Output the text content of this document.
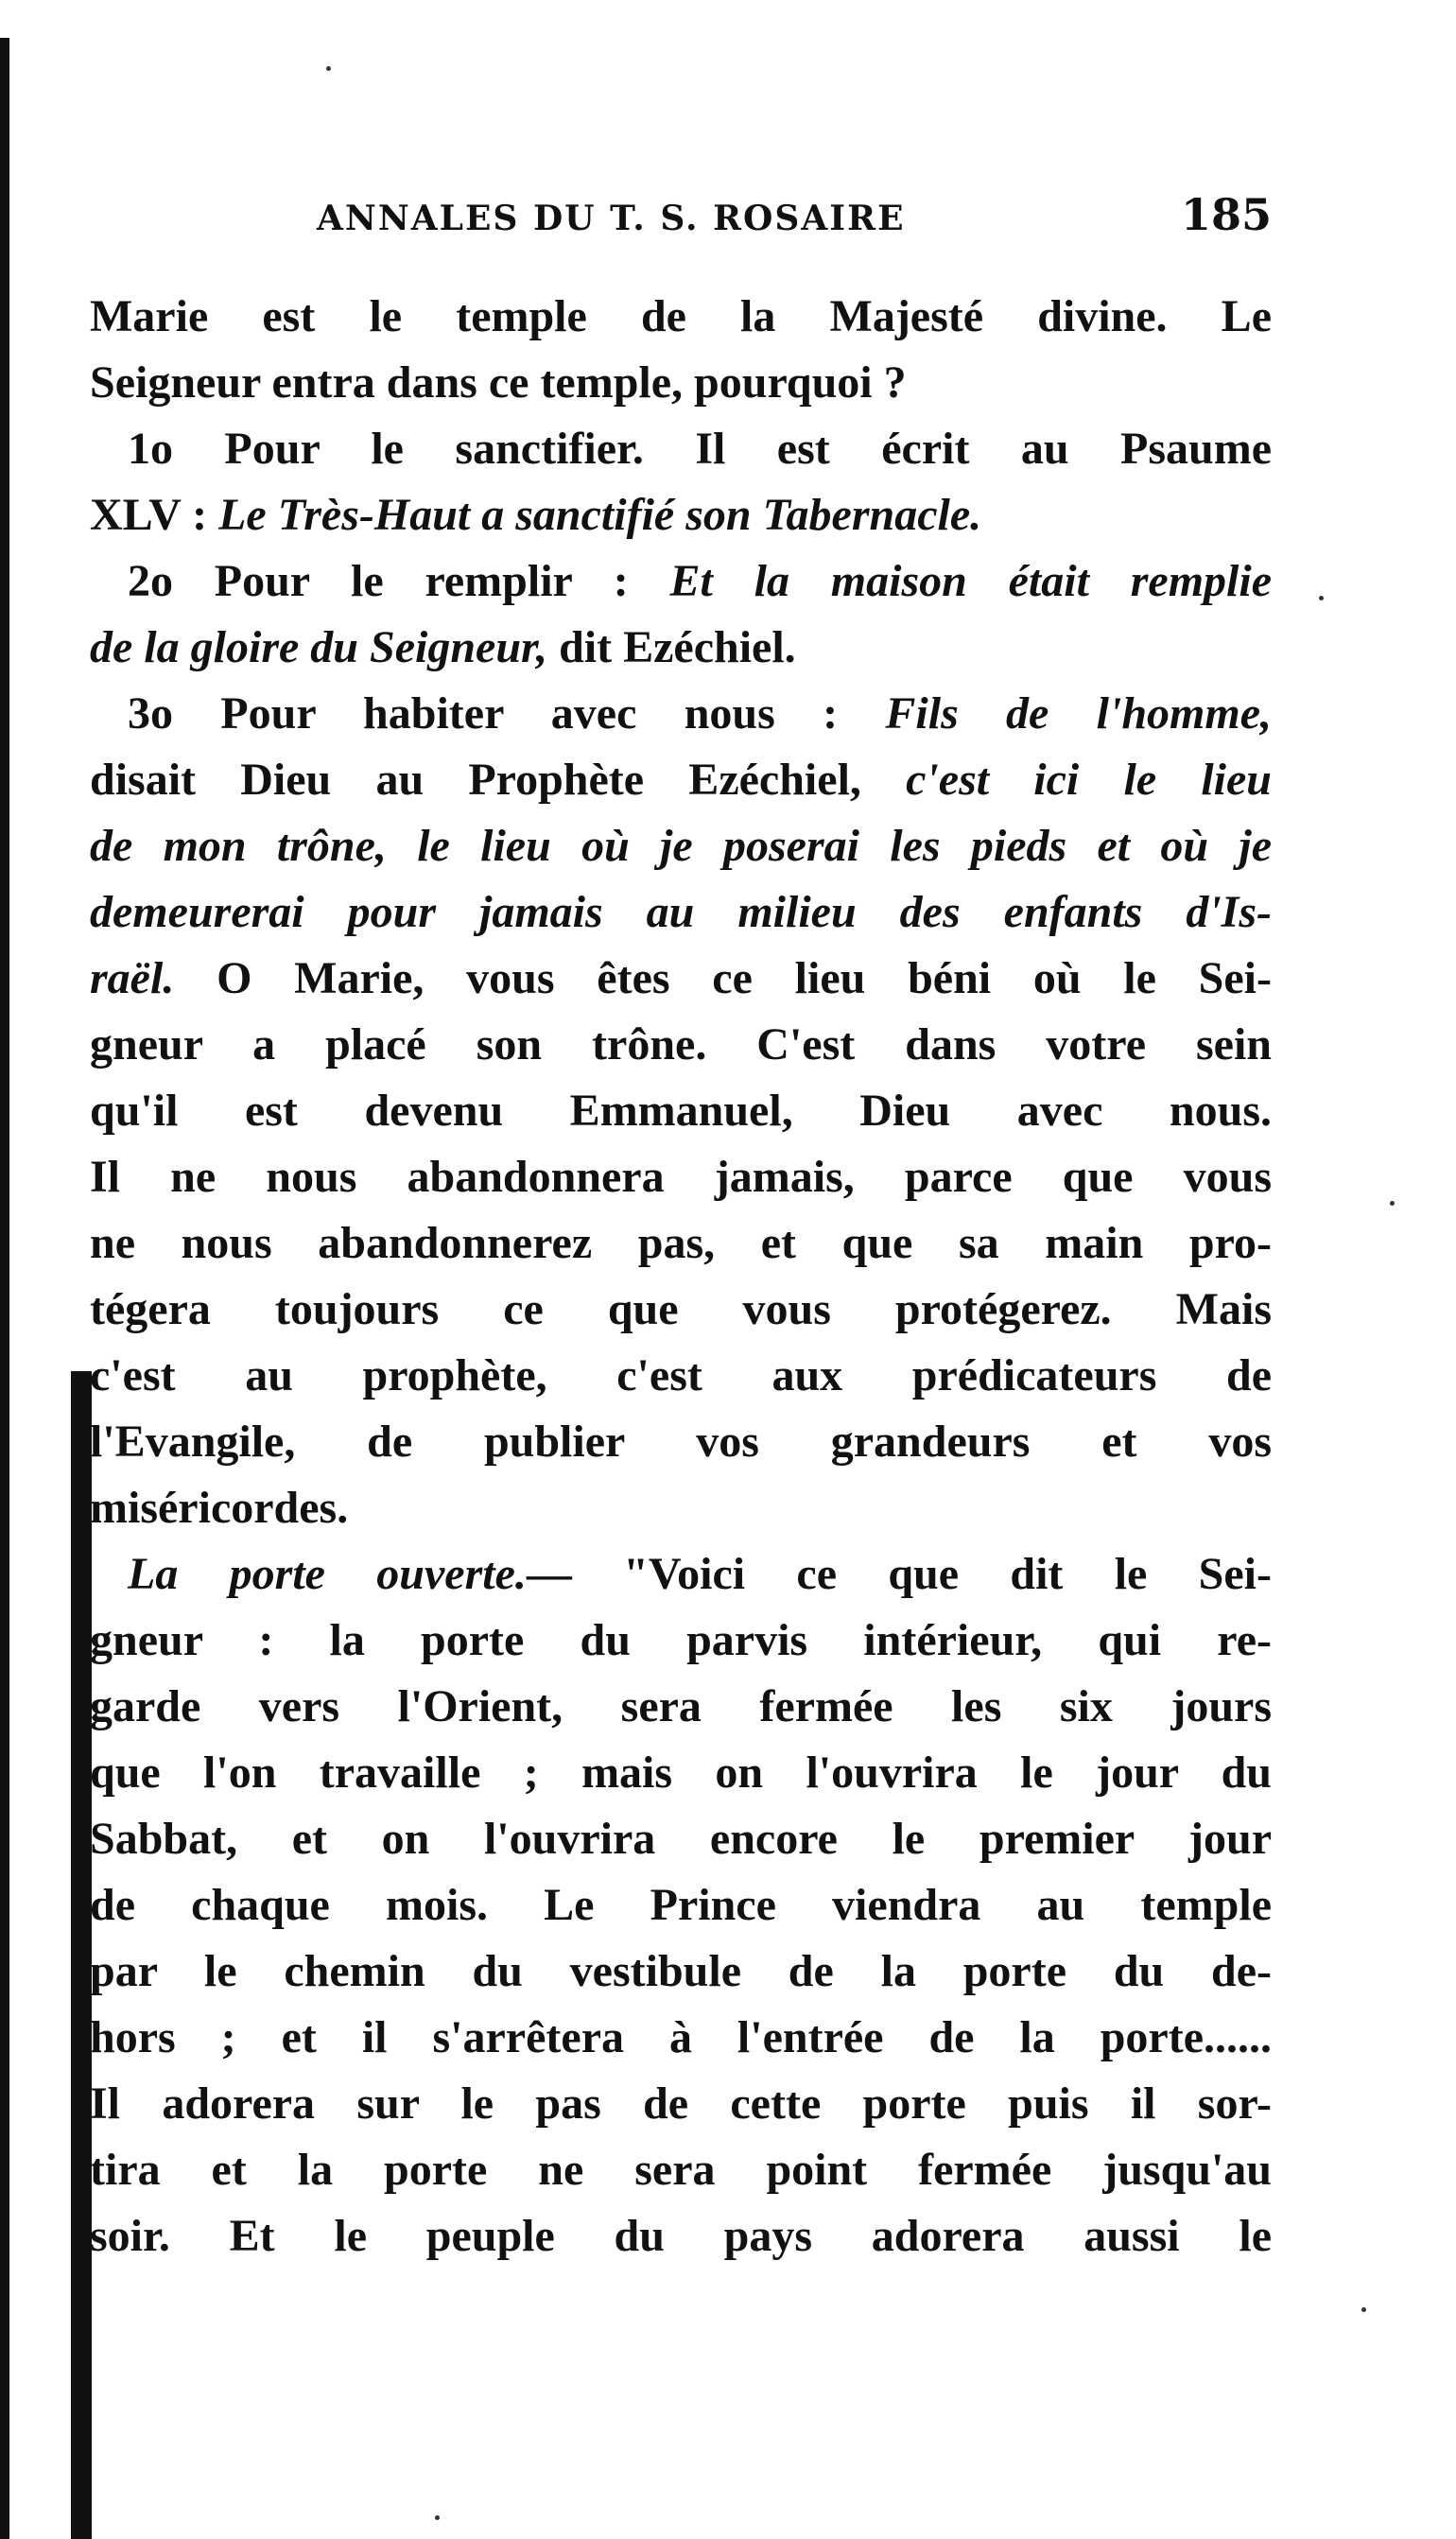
ANNALES DU T. S. ROSAIRE	185
Marie est le temple de la Majesté divine. Le
Seigneur entra dans ce temple, pourquoi ?
1o Pour le sanctifier. Il est écrit au Psaume
XLV : Le Très-Haut a sanctifié son Tabernacle.
2o Pour le remplir : Et la maison était remplie
de la gloire du Seigneur, dit Ezéchiel.
3o Pour habiter avec nous : Fils de l'homme,
disait Dieu au Prophète Ezéchiel, c'est ici le lieu
de mon trône, le lieu où je poserai les pieds et où je
demeurerai pour jamais au milieu des enfants d'Is-
raël. O Marie, vous êtes ce lieu béni où le Sei-
gneur a placé son trône. C'est dans votre sein
qu'il est devenu Emmanuel, Dieu avec nous.
Il ne nous abandonnera jamais, parce que vous
ne nous abandonnerez pas, et que sa main pro-
tégera toujours ce que vous protégerez. Mais
c'est au prophète, c'est aux prédicateurs de
l'Evangile, de publier vos grandeurs et vos
miséricordes.
La porte ouverte.— "Voici ce que dit le Sei-
gneur : la porte du parvis intérieur, qui re-
garde vers l'Orient, sera fermée les six jours
que l'on travaille ; mais on l'ouvrira le jour du
Sabbat, et on l'ouvrira encore le premier jour
de chaque mois. Le Prince viendra au temple
par le chemin du vestibule de la porte du de-
hors ; et il s'arrêtera à l'entrée de la porte......
Il adorera sur le pas de cette porte puis il sor-
tira et la porte ne sera point fermée jusqu'au
soir. Et le peuple du pays adorera aussi le
